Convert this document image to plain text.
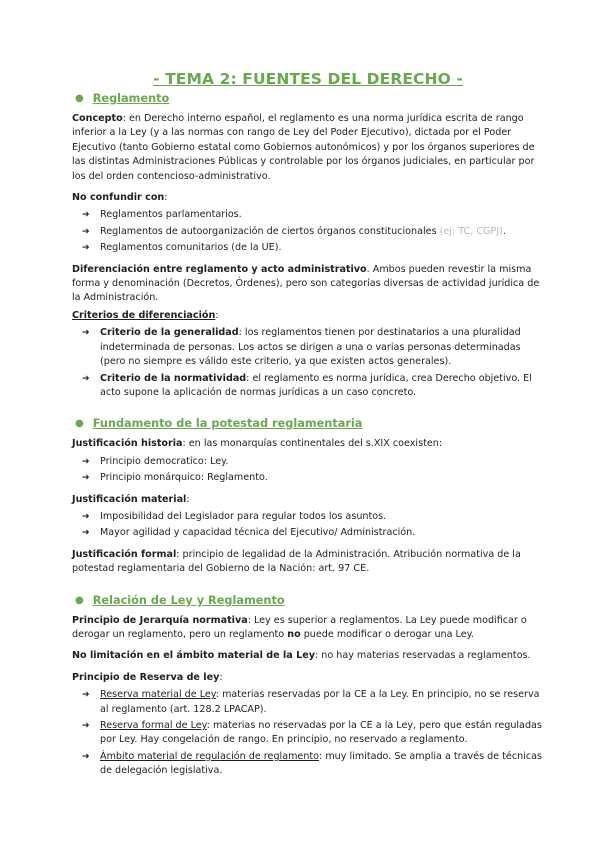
- TEMA 2: FUENTES DEL DERECHO -
● Reglamento

Concepto: en Derecho interno español, el reglamento es una norma jurídica escrita de rango inferior a la Ley (y a las normas con rango de Ley del Poder Ejecutivo), dictada por el Poder Ejecutivo (tanto Gobierno estatal como Gobiernos autonómicos) y por los órganos superiores de las distintas Administraciones Públicas y controlable por los órganos judiciales, en particular por los del orden contencioso-administrativo.

No confundir con:

➔ Reglamentos parlamentarios.
➔ Reglamentos de autoorganización de ciertos órganos constitucionales (ej: TC, CGPJ).
➔ Reglamentos comunitarios (de la UE).

Diferenciación entre reglamento y acto administrativo. Ambos pueden revestir la misma forma y denominación (Decretos, Órdenes), pero son categorías diversas de actividad jurídica de la Administración.

Criterios de diferenciación:

➔ Criterio de la generalidad: los reglamentos tienen por destinatarios a una pluralidad indeterminada de personas. Los actos se dirigen a una o varias personas determinadas (pero no siempre es válido este criterio, ya que existen actos generales).
➔ Criterio de la normatividad: el reglamento es norma jurídica, crea Derecho objetivo. El acto supone la aplicación de normas jurídicas a un caso concreto.
● Fundamento de la potestad reglamentaria

Justificación historia: en las monarquías continentales del s.XIX coexisten:

➔ Principio democratico: Ley.
➔ Principio monárquico: Reglamento.

Justificación material:

➔ Imposibilidad del Legislador para regular todos los asuntos.
➔ Mayor agilidad y capacidad técnica del Ejecutivo/ Administración.

Justificación formal: principio de legalidad de la Administración. Atribución normativa de la potestad reglamentaria del Gobierno de la Nación: art. 97 CE.

● Relación de Ley y Reglamento

Principio de Jerarquía normativa: Ley es superior a reglamentos. La Ley puede modificar o derogar un reglamento, pero un reglamento no puede modificar o derogar una Ley.

No limitación en el ámbito material de la Ley: no hay materias reservadas a reglamentos.

Principio de Reserva de ley:

➔ Reserva material de Ley: materias reservadas por la CE a la Ley. En principio, no se reserva al reglamento (art. 128.2 LPACAP).
➔ Reserva formal de Ley: materias no reservadas por la CE a la Ley, pero que están reguladas por Ley. Hay congelación de rango. En principio, no reservado a reglamento.
➔ Ámbito material de regulación de reglamento: muy limitado. Se amplia a través de técnicas de delegación legislativa.
